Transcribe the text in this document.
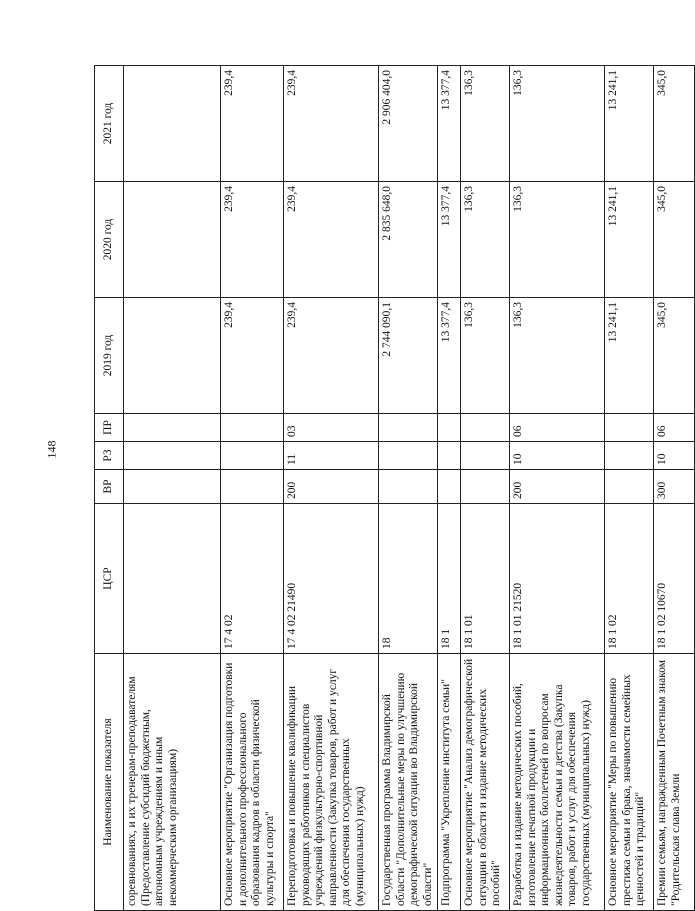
148
Наименование показателя	ЦСР	ВР	РЗ	ПР	2019 год	2020 год	2021 год
соревнованиях, и их тренерам-преподавателям (Предоставление субсидий бюджетным, автономным учреждениям и иным некоммерческим организациям)							
Основное мероприятие "Организация подготовки и дополнительного профессионального образования кадров в области физической культуры и спорта"	17 4 02				239,4	239,4	239,4
Переподготовка и повышение квалификации руководящих работников и специалистов учреждений физкультурно-спортивной направленности (Закупка товаров, работ и услуг для обеспечения государственных (муниципальных) нужд)	17 4 02 21490	200	11	03	239,4	239,4	239,4
Государственная программа Владимирской области "Дополнительные меры по улучшению демографической ситуации во Владимирской области"	18				2 744 090,1	2 835 648,0	2 906 404,0
Подпрограмма "Укрепление института семьи"	18 1				13 377,4	13 377,4	13 377,4
Основное мероприятие "Анализ демографической ситуации в области и издание методических пособий"	18 1 01				136,3	136,3	136,3
Разработка и издание методических пособий, изготовление печатной продукции и информационных бюллетеней по вопросам жизнедеятельности семьи и детства (Закупка товаров, работ и услуг для обеспечения государственных (муниципальных) нужд)	18 1 01 21520	200	10	06	136,3	136,3	136,3
Основное мероприятие "Меры по повышению престижа семьи и брака, значимости семейных ценностей и традиций"	18 1 02				13 241,1	13 241,1	13 241,1
Премии семьям, награжденным Почетным знаком "Родительская слава Земли	18 1 02 10670	300	10	06	345,0	345,0	345,0
